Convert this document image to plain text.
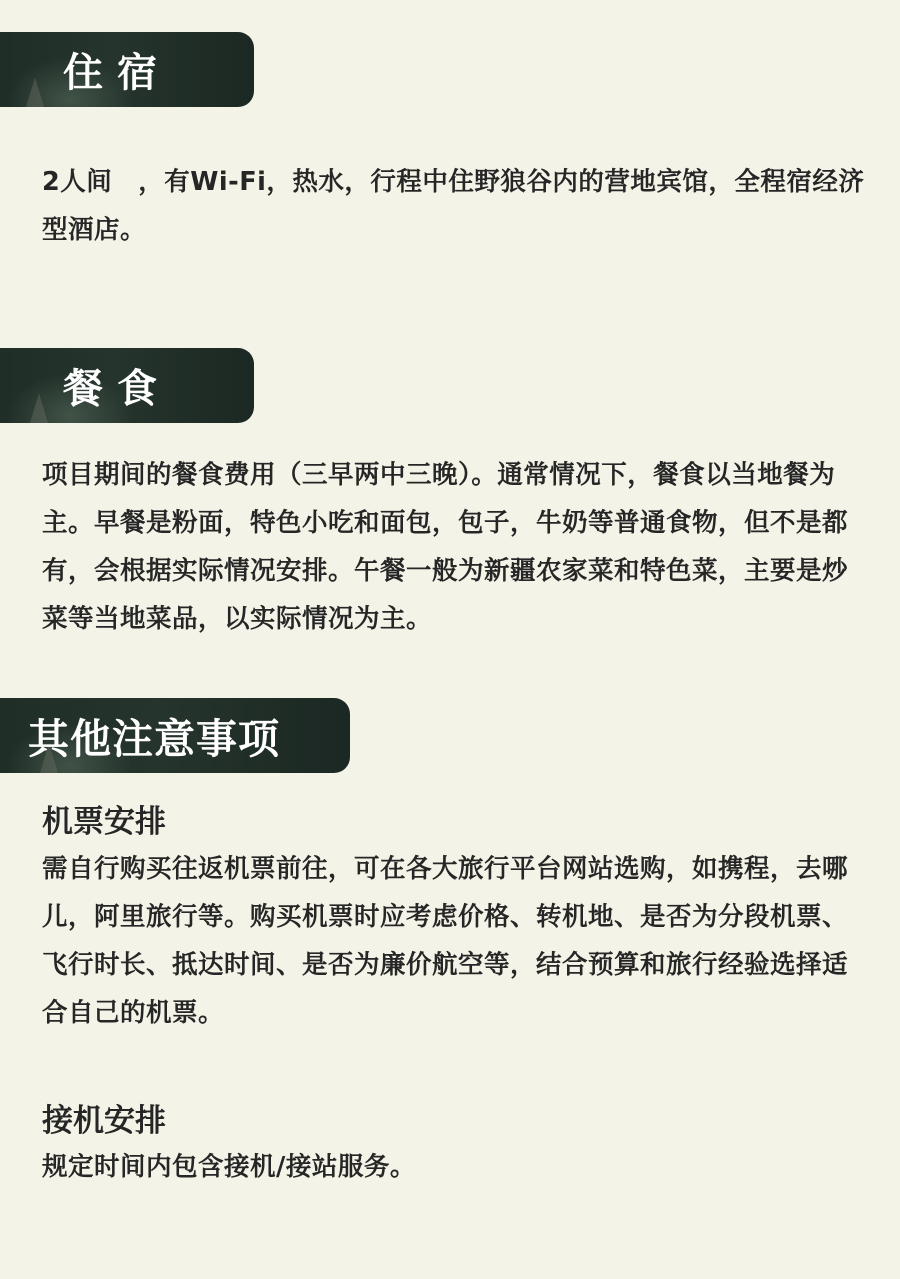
住宿

2人间　，有Wi-Fi，热水，行程中住野狼谷内的营地宾馆，全程宿经济型酒店。

餐食

项目期间的餐食费用（三早两中三晚）。通常情况下，餐食以当地餐为主。早餐是粉面，特色小吃和面包，包子，牛奶等普通食物，但不是都有，会根据实际情况安排。午餐一般为新疆农家菜和特色菜，主要是炒菜等当地菜品，以实际情况为主。

其他注意事项
机票安排

需自行购买往返机票前往，可在各大旅行平台网站选购，如携程，去哪儿，阿里旅行等。购买机票时应考虑价格、转机地、是否为分段机票、飞行时长、抵达时间、是否为廉价航空等，结合预算和旅行经验选择适合自己的机票。

接机安排

规定时间内包含接机/接站服务。
